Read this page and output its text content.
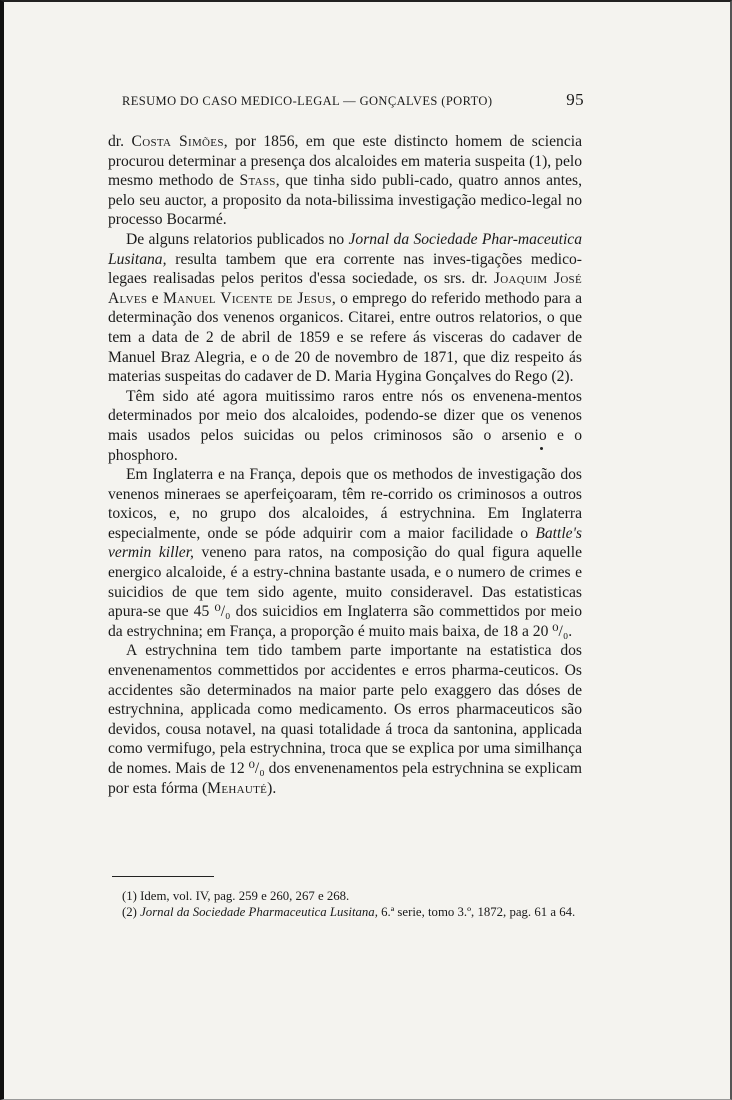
RESUMO DO CASO MEDICO-LEGAL — GONÇALVES (PORTO)	95

dr. Costa Simões, por 1856, em que este distincto homem de sciencia procurou determinar a presença dos alcaloides em materia suspeita (1), pelo mesmo methodo de Stass, que tinha sido publi-cado, quatro annos antes, pelo seu auctor, a proposito da nota-bilissima investigação medico-legal no processo Bocarmé.

De alguns relatorios publicados no Jornal da Sociedade Phar-maceutica Lusitana, resulta tambem que era corrente nas inves-tigações medico-legaes realisadas pelos peritos d'essa sociedade, os srs. dr. Joaquim José Alves e Manuel Vicente de Jesus, o emprego do referido methodo para a determinação dos venenos organicos. Citarei, entre outros relatorios, o que tem a data de 2 de abril de 1859 e se refere ás visceras do cadaver de Manuel Braz Alegria, e o de 20 de novembro de 1871, que diz respeito ás materias suspeitas do cadaver de D. Maria Hygina Gonçalves do Rego (2).

Têm sido até agora muitissimo raros entre nós os envenena-mentos determinados por meio dos alcaloides, podendo-se dizer que os venenos mais usados pelos suicidas ou pelos criminosos são o arsenio e o phosphoro.

Em Inglaterra e na França, depois que os methodos de investigação dos venenos mineraes se aperfeiçoaram, têm re-corrido os criminosos a outros toxicos, e, no grupo dos alcaloides, á estrychnina. Em Inglaterra especialmente, onde se póde adquirir com a maior facilidade o Battle's vermin killer, veneno para ratos, na composição do qual figura aquelle energico alcaloide, é a estry-chnina bastante usada, e o numero de crimes e suicidios de que tem sido agente, muito consideravel. Das estatisticas apura-se que 45 ⁰/₀ dos suicidios em Inglaterra são commettidos por meio da estrychnina; em França, a proporção é muito mais baixa, de 18 a 20 ⁰/₀.

A estrychnina tem tido tambem parte importante na estatistica dos envenenamentos commettidos por accidentes e erros pharma-ceuticos. Os accidentes são determinados na maior parte pelo exaggero das dóses de estrychnina, applicada como medicamento. Os erros pharmaceuticos são devidos, cousa notavel, na quasi totalidade á troca da santonina, applicada como vermifugo, pela estrychnina, troca que se explica por uma similhança de nomes. Mais de 12 ⁰/₀ dos envenenamentos pela estrychnina se explicam por esta fórma (Mehauté).

(1) Idem, vol. IV, pag. 259 e 260, 267 e 268.

(2) Jornal da Sociedade Pharmaceutica Lusitana, 6.ª serie, tomo 3.º, 1872, pag. 61 a 64.
